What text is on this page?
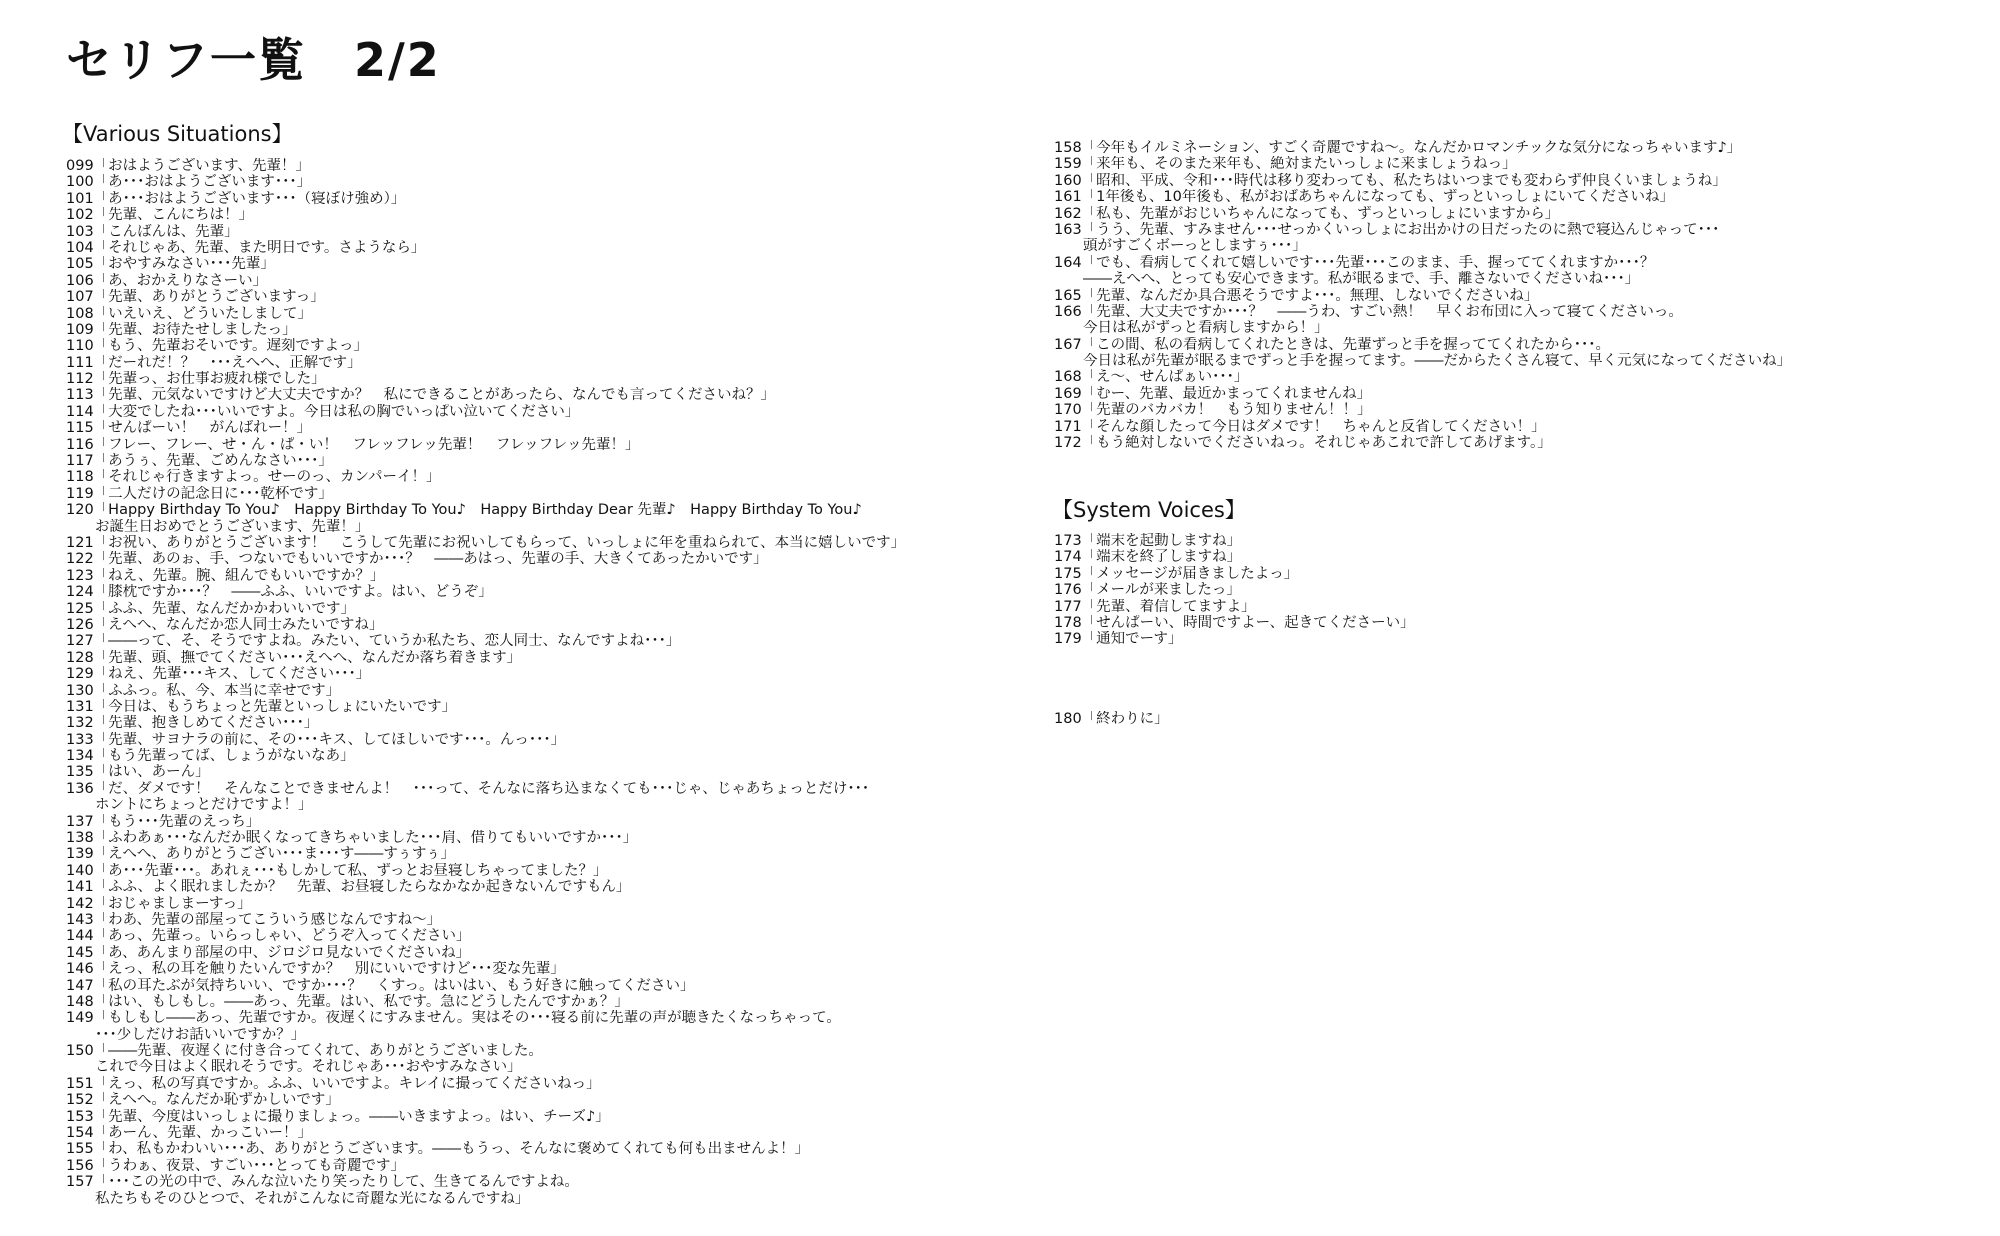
セリフ一覧　2/2
【Various Situations】
099「おはようございます、先輩！」
100「あ･･･おはようございます･･･」
101「あ･･･おはようございます･･･（寝ぼけ強め）」
102「先輩、こんにちは！」
103「こんばんは、先輩」
104「それじゃあ、先輩、また明日です。さようなら」
105「おやすみなさい･･･先輩」
106「あ、おかえりなさーい」
107「先輩、ありがとうございますっ」
108「いえいえ、どういたしまして」
109「先輩、お待たせしましたっ」
110「もう、先輩おそいです。遅刻ですよっ」
111「だーれだ！？　･･･えへへ、正解です」
112「先輩っ、お仕事お疲れ様でした」
113「先輩、元気ないですけど大丈夫ですか？　私にできることがあったら、なんでも言ってくださいね？」
114「大変でしたね･･･いいですよ。今日は私の胸でいっぱい泣いてください」
115「せんぱーい！　がんばれー！」
116「フレー、フレー、せ・ん・ぱ・い！　フレッフレッ先輩！　フレッフレッ先輩！」
117「あうぅ、先輩、ごめんなさい･･･」
118「それじゃ行きますよっ。せーのっ、カンパーイ！」
119「二人だけの記念日に･･･乾杯です」
120「Happy Birthday To You♪　Happy Birthday To You♪　Happy Birthday Dear 先輩♪　Happy Birthday To You♪
　　お誕生日おめでとうございます、先輩！」
121「お祝い、ありがとうございます！　こうして先輩にお祝いしてもらって、いっしょに年を重ねられて、本当に嬉しいです」
122「先輩、あのぉ、手、つないでもいいですか･･･？　――あはっ、先輩の手、大きくてあったかいです」
123「ねえ、先輩。腕、組んでもいいですか？」
124「膝枕ですか･･･？　――ふふ、いいですよ。はい、どうぞ」
125「ふふ、先輩、なんだかかわいいです」
126「えへへ、なんだか恋人同士みたいですね」
127「――って、そ、そうですよね。みたい、ていうか私たち、恋人同士、なんですよね･･･」
128「先輩、頭、撫でてください･･･えへへ、なんだか落ち着きます」
129「ねえ、先輩･･･キス、してください･･･」
130「ふふっ。私、今、本当に幸せです」
131「今日は、もうちょっと先輩といっしょにいたいです」
132「先輩、抱きしめてください･･･」
133「先輩、サヨナラの前に、その･･･キス、してほしいです･･･。んっ･･･」
134「もう先輩ってば、しょうがないなあ」
135「はい、あーん」
136「だ、ダメです！　そんなことできませんよ！　･･･って、そんなに落ち込まなくても･･･じゃ、じゃあちょっとだけ･･･
　　ホントにちょっとだけですよ！」
137「もう･･･先輩のえっち」
138「ふわあぁ･･･なんだか眠くなってきちゃいました･･･肩、借りてもいいですか･･･」
139「えへへ、ありがとうござい･･･ま･･･す――すぅすぅ」
140「あ･･･先輩･･･。あれぇ･･･もしかして私、ずっとお昼寝しちゃってました？」
141「ふふ、よく眠れましたか？　先輩、お昼寝したらなかなか起きないんですもん」
142「おじゃましまーすっ」
143「わあ、先輩の部屋ってこういう感じなんですね～」
144「あっ、先輩っ。いらっしゃい、どうぞ入ってください」
145「あ、あんまり部屋の中、ジロジロ見ないでくださいね」
146「えっ、私の耳を触りたいんですか？　別にいいですけど･･･変な先輩」
147「私の耳たぶが気持ちいい、ですか･･･？　くすっ。はいはい、もう好きに触ってください」
148「はい、もしもし。――あっ、先輩。はい、私です。急にどうしたんですかぁ？」
149「もしもし――あっ、先輩ですか。夜遅くにすみません。実はその･･･寝る前に先輩の声が聴きたくなっちゃって。
　　･･･少しだけお話いいですか？」
150「――先輩、夜遅くに付き合ってくれて、ありがとうございました。
　　これで今日はよく眠れそうです。それじゃあ･･･おやすみなさい」
151「えっ、私の写真ですか。ふふ、いいですよ。キレイに撮ってくださいねっ」
152「えへへ。なんだか恥ずかしいです」
153「先輩、今度はいっしょに撮りましょっ。――いきますよっ。はい、チーズ♪」
154「あーん、先輩、かっこいー！」
155「わ、私もかわいい･･･あ、ありがとうございます。――もうっ、そんなに褒めてくれても何も出ませんよ！」
156「うわぁ、夜景、すごい･･･とっても奇麗です」
157「･･･この光の中で、みんな泣いたり笑ったりして、生きてるんですよね。
　　私たちもそのひとつで、それがこんなに奇麗な光になるんですね」
158「今年もイルミネーション、すごく奇麗ですね～。なんだかロマンチックな気分になっちゃいます♪」
159「来年も、そのまた来年も、絶対またいっしょに来ましょうねっ」
160「昭和、平成、令和･･･時代は移り変わっても、私たちはいつまでも変わらず仲良くいましょうね」
161「1年後も、10年後も、私がおばあちゃんになっても、ずっといっしょにいてくださいね」
162「私も、先輩がおじいちゃんになっても、ずっといっしょにいますから」
163「うう、先輩、すみません･･･せっかくいっしょにお出かけの日だったのに熱で寝込んじゃって･･･
　　頭がすごくボーっとしますぅ･･･」
164「でも、看病してくれて嬉しいです･･･先輩･･･このまま、手、握っててくれますか･･･？
　　――えへへ、とっても安心できます。私が眠るまで、手、離さないでくださいね･･･」
165「先輩、なんだか具合悪そうですよ･･･。無理、しないでくださいね」
166「先輩、大丈夫ですか･･･？　――うわ、すごい熱！　早くお布団に入って寝てくださいっ。
　　今日は私がずっと看病しますから！」
167「この間、私の看病してくれたときは、先輩ずっと手を握っててくれたから･･･。
　　今日は私が先輩が眠るまでずっと手を握ってます。――だからたくさん寝て、早く元気になってくださいね」
168「え～、せんぱぁい･･･」
169「むー、先輩、最近かまってくれませんね」
170「先輩のバカバカ！　もう知りません！！」
171「そんな顔したって今日はダメです！　ちゃんと反省してください！」
172「もう絶対しないでくださいねっ。それじゃあこれで許してあげます。」
【System Voices】
173「端末を起動しますね」
174「端末を終了しますね」
175「メッセージが届きましたよっ」
176「メールが来ましたっ」
177「先輩、着信してますよ」
178「せんぱーい、時間ですよー、起きてくださーい」
179「通知でーす」
180「終わりに」
